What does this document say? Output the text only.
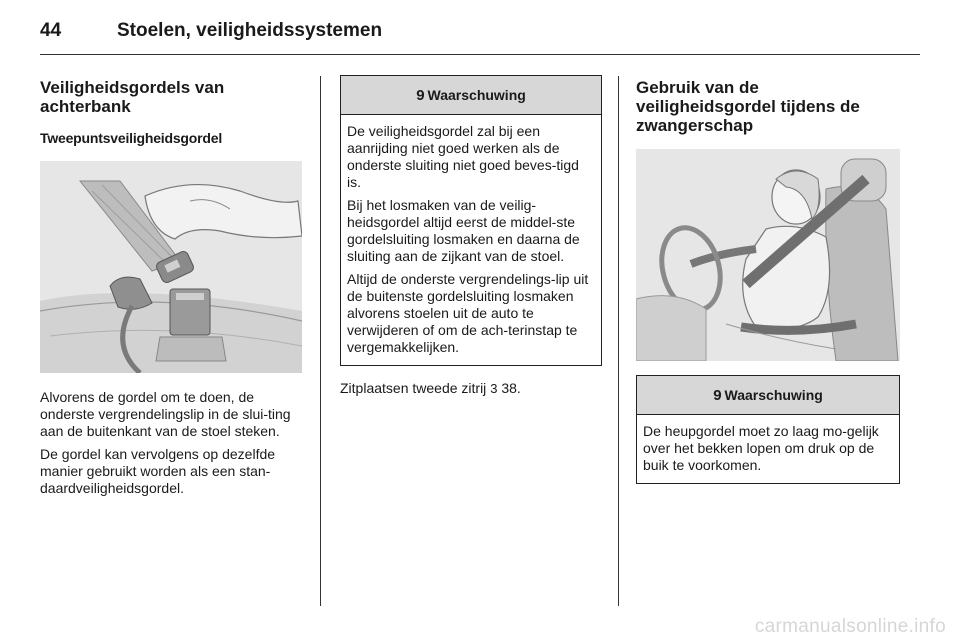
44	Stoelen, veiligheidssystemen
Veiligheidsgordels van achterbank
Tweepuntsveiligheidsgordel

Alvorens de gordel om te doen, de onderste vergrendelingslip in de slui-ting aan de buitenkant van de stoel steken.

De gordel kan vervolgens op dezelfde manier gebruikt worden als een stan-daardveiligheidsgordel.

9 Waarschuwing

De veiligheidsgordel zal bij een aanrijding niet goed werken als de onderste sluiting niet goed beves-tigd is.

Bij het losmaken van de veilig-heidsgordel altijd eerst de middel-ste gordelsluiting losmaken en daarna de sluiting aan de zijkant van de stoel.

Altijd de onderste vergrendelings-lip uit de buitenste gordelsluiting losmaken alvorens stoelen uit de auto te verwijderen of om de ach-terinstap te vergemakkelijken.

Zitplaatsen tweede zitrij 3 38.

Gebruik van de veiligheidsgordel tijdens de zwangerschap
9 Waarschuwing

De heupgordel moet zo laag mo-gelijk over het bekken lopen om druk op de buik te voorkomen.

carmanualsonline.info
